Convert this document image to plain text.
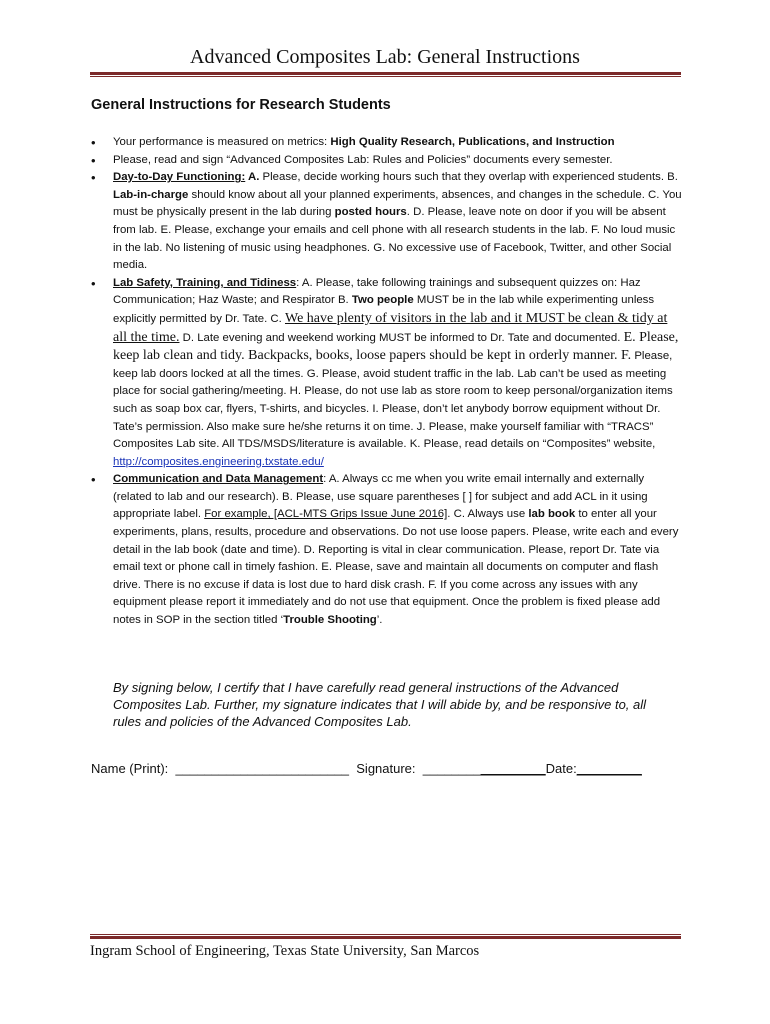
Advanced Composites Lab: General Instructions
General Instructions for Research Students
• Your performance is measured on metrics: High Quality Research, Publications, and Instruction
• Please, read and sign “Advanced Composites Lab: Rules and Policies” documents every semester.
• Day-to-Day Functioning: A. Please, decide working hours such that they overlap with experienced students. B. Lab-in-charge should know about all your planned experiments, absences, and changes in the schedule. C. You must be physically present in the lab during posted hours. D. Please, leave note on door if you will be absent from lab. E. Please, exchange your emails and cell phone with all research students in the lab. F. No loud music in the lab. No listening of music using headphones. G. No excessive use of Facebook, Twitter, and other Social media.
• Lab Safety, Training, and Tidiness: A. Please, take following trainings and subsequent quizzes on: Haz Communication; Haz Waste; and Respirator B. Two people MUST be in the lab while experimenting unless explicitly permitted by Dr. Tate. C. We have plenty of visitors in the lab and it MUST be clean & tidy at all the time. D. Late evening and weekend working MUST be informed to Dr. Tate and documented. E. Please, keep lab clean and tidy. Backpacks, books, loose papers should be kept in orderly manner. F. Please, keep lab doors locked at all the times. G. Please, avoid student traffic in the lab. Lab can’t be used as meeting place for social gathering/meeting. H. Please, do not use lab as store room to keep personal/organization items such as soap box car, flyers, T-shirts, and bicycles. I. Please, don’t let anybody borrow equipment without Dr. Tate’s permission. Also make sure he/she returns it on time. J. Please, make yourself familiar with “TRACS” Composites Lab site. All TDS/MSDS/literature is available. K. Please, read details on “Composites” website, http://composites.engineering.txstate.edu/
• Communication and Data Management: A. Always cc me when you write email internally and externally (related to lab and our research). B. Please, use square parentheses [ ] for subject and add ACL in it using appropriate label. For example, [ACL-MTS Grips Issue June 2016]. C. Always use lab book to enter all your experiments, plans, results, procedure and observations. Do not use loose papers. Please, write each and every detail in the lab book (date and time). D. Reporting is vital in clear communication. Please, report Dr. Tate via email text or phone call in timely fashion. E. Please, save and maintain all documents on computer and flash drive. There is no excuse if data is lost due to hard disk crash. F. If you come across any issues with any equipment please report it immediately and do not use that equipment. Once the problem is fixed please add notes in SOP in the section titled ‘Trouble Shooting’.
By signing below, I certify that I have carefully read general instructions of the Advanced Composites Lab. Further, my signature indicates that I will abide by, and be responsive to, all rules and policies of the Advanced Composites Lab.
Name (Print):  ________________________  Signature:  _________________Date:_________
Ingram School of Engineering, Texas State University, San Marcos
